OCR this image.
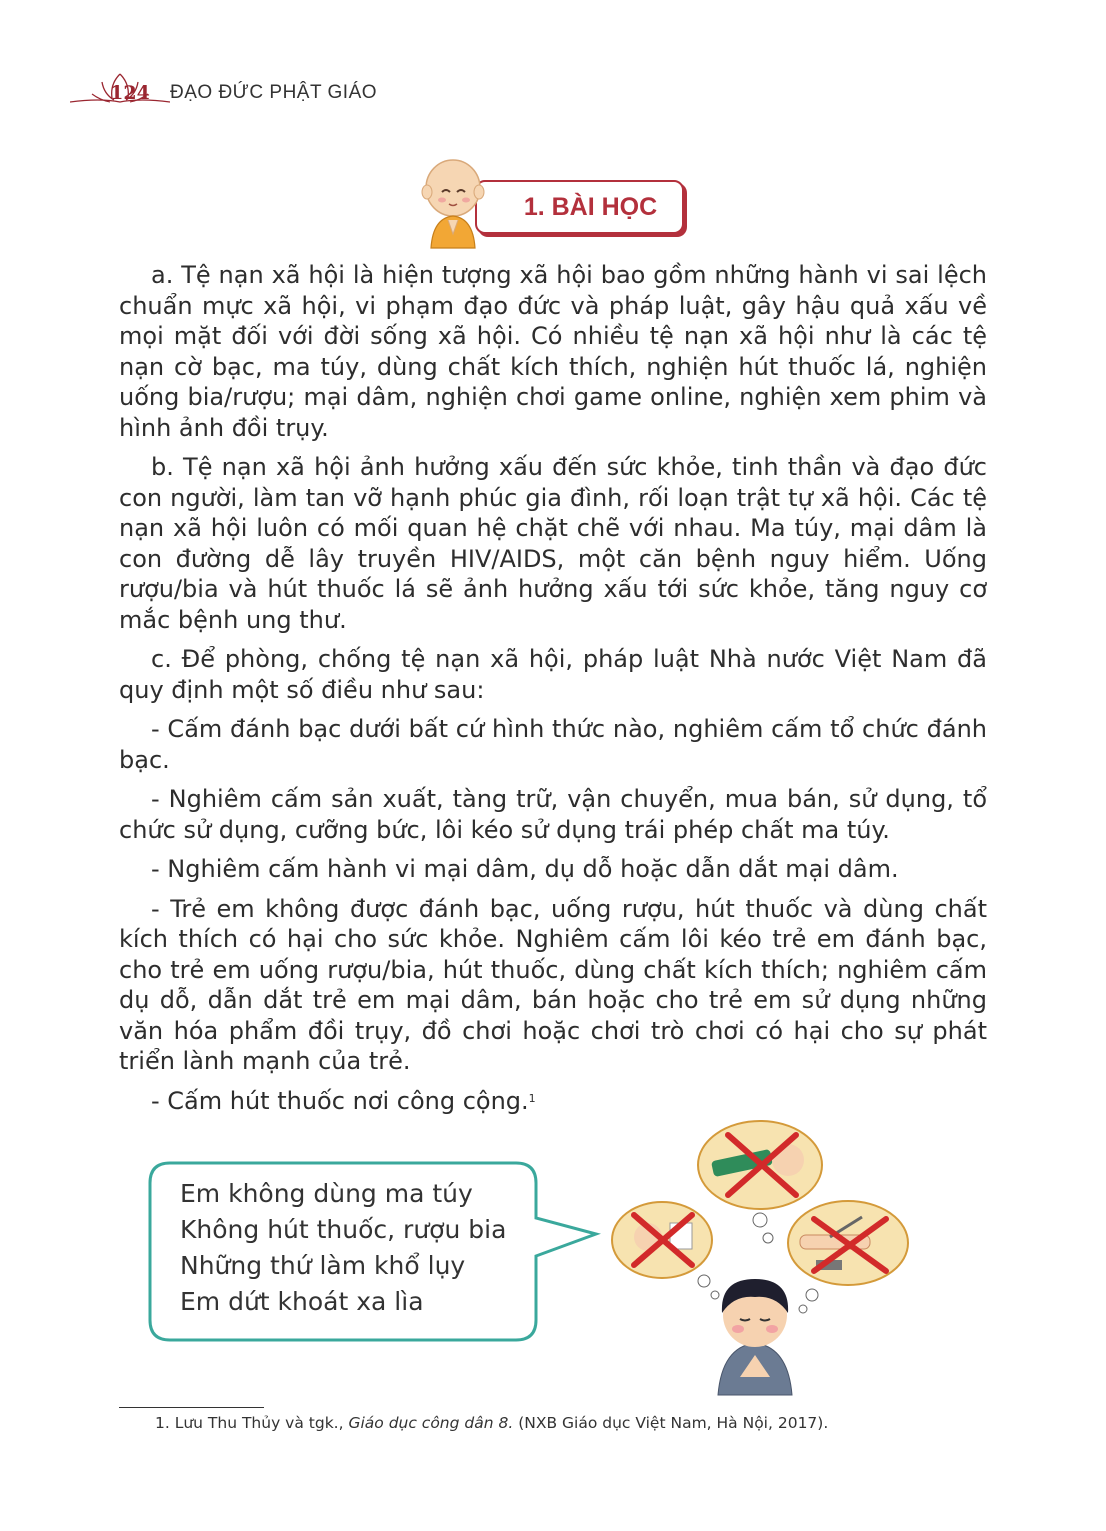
124	ĐẠO ĐỨC PHẬT GIÁO
1. BÀI HỌC

a. Tệ nạn xã hội là hiện tượng xã hội bao gồm những hành vi sai lệch chuẩn mực xã hội, vi phạm đạo đức và pháp luật, gây hậu quả xấu về mọi mặt đối với đời sống xã hội. Có nhiều tệ nạn xã hội như là các tệ nạn cờ bạc, ma túy, dùng chất kích thích, nghiện hút thuốc lá, nghiện uống bia/rượu; mại dâm, nghiện chơi game online, nghiện xem phim và hình ảnh đồi trụy.

b. Tệ nạn xã hội ảnh hưởng xấu đến sức khỏe, tinh thần và đạo đức con người, làm tan vỡ hạnh phúc gia đình, rối loạn trật tự xã hội. Các tệ nạn xã hội luôn có mối quan hệ chặt chẽ với nhau. Ma túy, mại dâm là con đường dễ lây truyền HIV/AIDS, một căn bệnh nguy hiểm. Uống rượu/bia và hút thuốc lá sẽ ảnh hưởng xấu tới sức khỏe, tăng nguy cơ mắc bệnh ung thư.

c. Để phòng, chống tệ nạn xã hội, pháp luật Nhà nước Việt Nam đã quy định một số điều như sau:

- Cấm đánh bạc dưới bất cứ hình thức nào, nghiêm cấm tổ chức đánh bạc.

- Nghiêm cấm sản xuất, tàng trữ, vận chuyển, mua bán, sử dụng, tổ chức sử dụng, cưỡng bức, lôi kéo sử dụng trái phép chất ma túy.

- Nghiêm cấm hành vi mại dâm, dụ dỗ hoặc dẫn dắt mại dâm.

- Trẻ em không được đánh bạc, uống rượu, hút thuốc và dùng chất kích thích có hại cho sức khỏe. Nghiêm cấm lôi kéo trẻ em đánh bạc, cho trẻ em uống rượu/bia, hút thuốc, dùng chất kích thích; nghiêm cấm dụ dỗ, dẫn dắt trẻ em mại dâm, bán hoặc cho trẻ em sử dụng những văn hóa phẩm đồi trụy, đồ chơi hoặc chơi trò chơi có hại cho sự phát triển lành mạnh của trẻ.

- Cấm hút thuốc nơi công cộng.$^1$

Em không dùng ma túy
Không hút thuốc, rượu bia
Những thứ làm khổ lụy
Em dứt khoát xa lìa
1. Lưu Thu Thủy và tgk., Giáo dục công dân 8. (NXB Giáo dục Việt Nam, Hà Nội, 2017).
